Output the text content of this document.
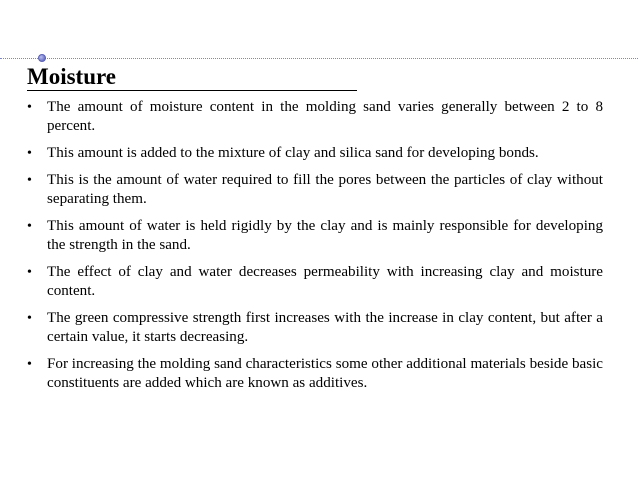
Moisture
• The amount of moisture content in the molding sand varies generally between 2 to 8 percent.
• This amount is added to the mixture of clay and silica sand for developing bonds.
• This is the amount of water required to fill the pores between the particles of clay without separating them.
• This amount of water is held rigidly by the clay and is mainly responsible for developing the strength in the sand.
• The effect of clay and water decreases permeability with increasing clay and moisture content.
• The green compressive strength first increases with the increase in clay content, but after a certain value, it starts decreasing.
• For increasing the molding sand characteristics some other additional materials beside basic constituents are added which are known as additives.
